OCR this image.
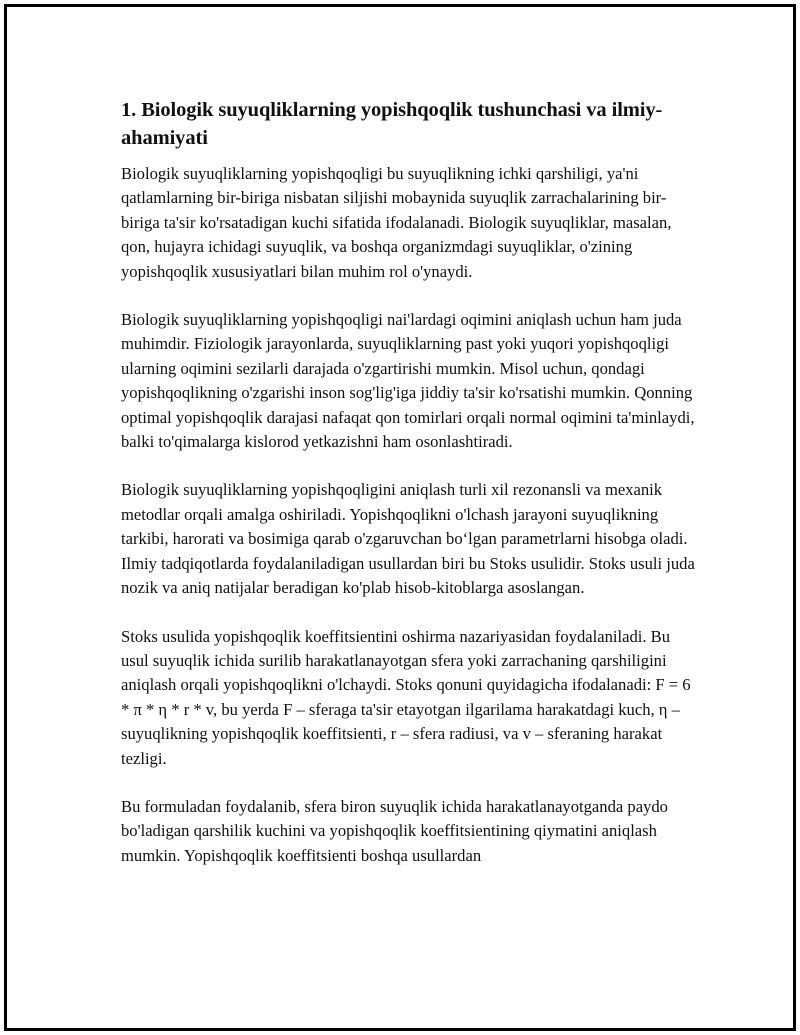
1. Biologik suyuqliklarning yopishqoqlik tushunchasi va ilmiy-ahamiyati

Biologik suyuqliklarning yopishqoqligi bu suyuqlikning ichki qarshiligi, ya'ni qatlamlarning bir-biriga nisbatan siljishi mobaynida suyuqlik zarrachalarining bir-biriga ta'sir ko'rsatadigan kuchi sifatida ifodalanadi. Biologik suyuqliklar, masalan, qon, hujayra ichidagi suyuqlik, va boshqa organizmdagi suyuqliklar, o'zining yopishqoqlik xususiyatlari bilan muhim rol o'ynaydi.

Biologik suyuqliklarning yopishqoqligi nai'lardagi oqimini aniqlash uchun ham juda muhimdir. Fiziologik jarayonlarda, suyuqliklarning past yoki yuqori yopishqoqligi ularning oqimini sezilarli darajada o'zgartirishi mumkin. Misol uchun, qondagi yopishqoqlikning o'zgarishi inson sog'lig'iga jiddiy ta'sir ko'rsatishi mumkin. Qonning optimal yopishqoqlik darajasi nafaqat qon tomirlari orqali normal oqimini ta'minlaydi, balki to'qimalarga kislorod yetkazishni ham osonlashtiradi.

Biologik suyuqliklarning yopishqoqligini aniqlash turli xil rezonansli va mexanik metodlar orqali amalga oshiriladi. Yopishqoqlikni o'lchash jarayoni suyuqlikning tarkibi, harorati va bosimiga qarab o'zgaruvchan bo‘lgan parametrlarni hisobga oladi. Ilmiy tadqiqotlarda foydalaniladigan usullardan biri bu Stoks usulidir. Stoks usuli juda nozik va aniq natijalar beradigan ko'plab hisob-kitoblarga asoslangan.

Stoks usulida yopishqoqlik koeffitsientini oshirma nazariyasidan foydalaniladi. Bu usul suyuqlik ichida surilib harakatlanayotgan sfera yoki zarrachaning qarshiligini aniqlash orqali yopishqoqlikni o'lchaydi. Stoks qonuni quyidagicha ifodalanadi: F = 6 * π * η * r * v, bu yerda F – sferaga ta'sir etayotgan ilgarilama harakatdagi kuch, η – suyuqlikning yopishqoqlik koeffitsienti, r – sfera radiusi, va v – sferaning harakat tezligi.

Bu formuladan foydalanib, sfera biron suyuqlik ichida harakatlanayotganda paydo bo'ladigan qarshilik kuchini va yopishqoqlik koeffitsientining qiymatini aniqlash mumkin. Yopishqoqlik koeffitsienti boshqa usullardan
